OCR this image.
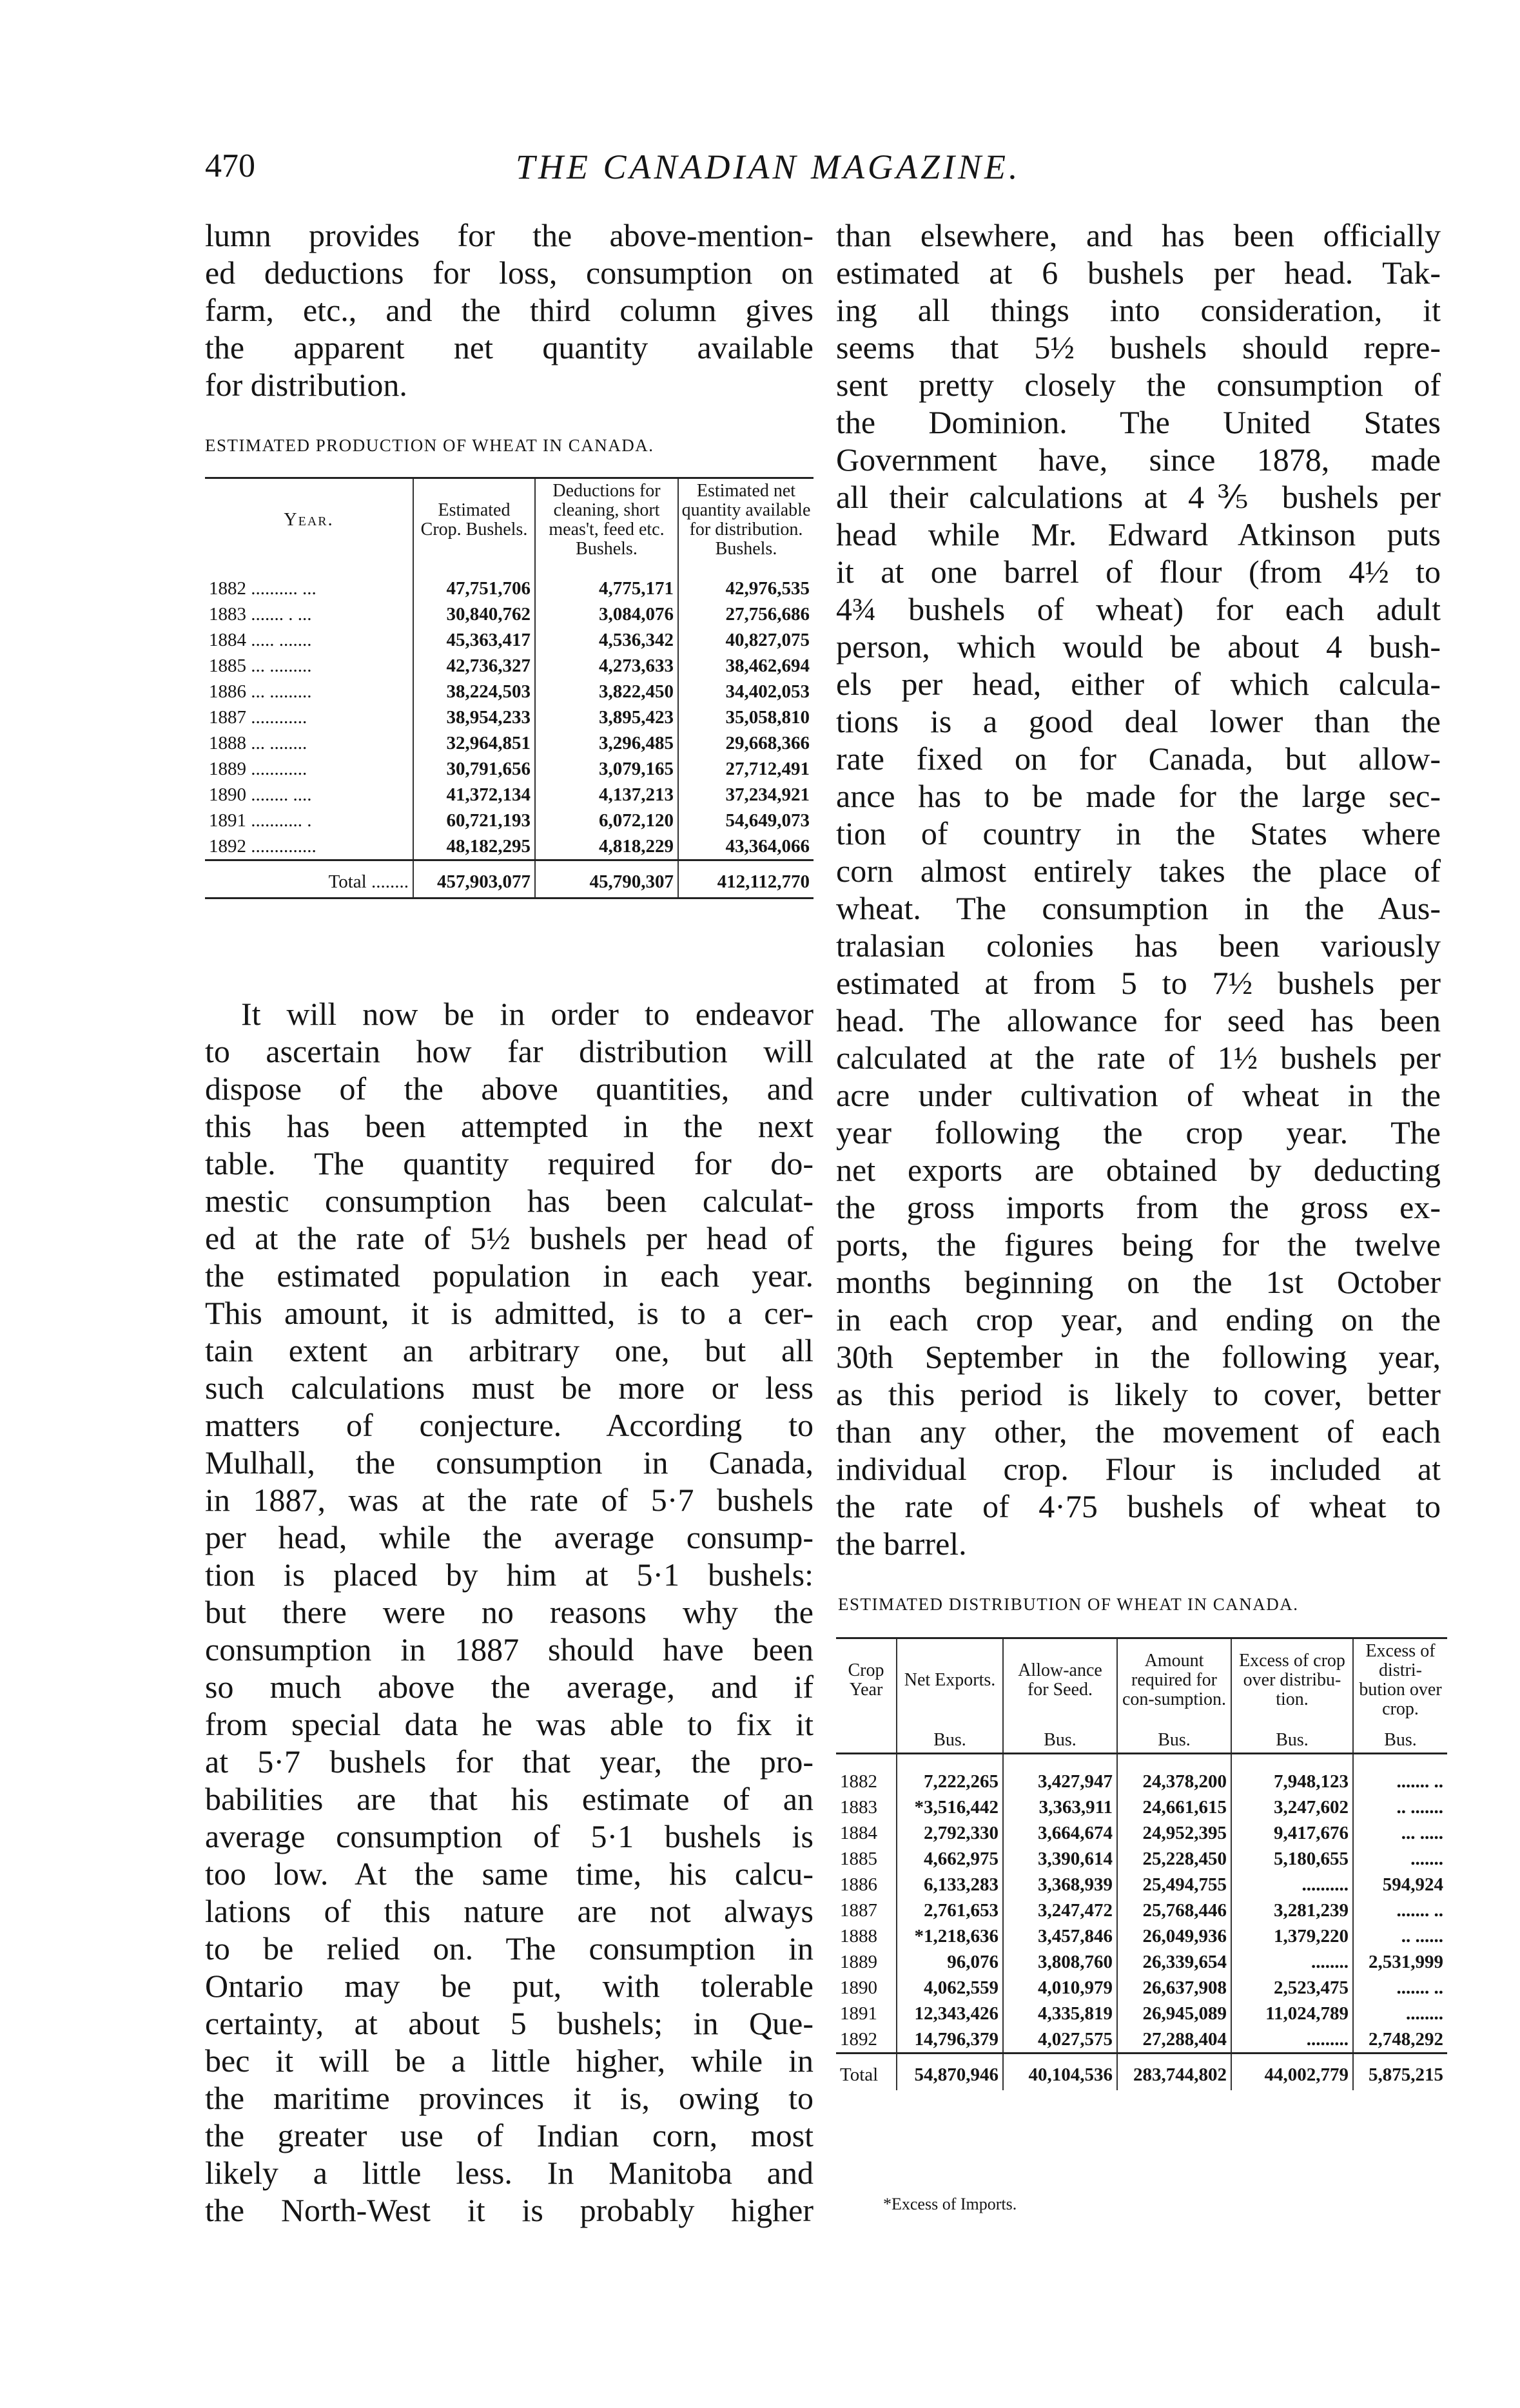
470	THE CANADIAN MAGAZINE.
lumn provides for the above-mention-
ed deductions for loss, consumption on
farm, etc., and the third column gives
the apparent net quantity available
for distribution.
ESTIMATED PRODUCTION OF WHEAT IN CANADA.
Year.	Estimated Crop. Bushels.	Deductions for cleaning, short meas't, feed etc. Bushels.	Estimated net quantity available for distribution. Bushels.
1882 .......... ...	47,751,706	4,775,171	42,976,535
1883 ....... . ...	30,840,762	3,084,076	27,756,686
1884 ..... .......	45,363,417	4,536,342	40,827,075
1885 ... .........	42,736,327	4,273,633	38,462,694
1886 ... .........	38,224,503	3,822,450	34,402,053
1887 ............	38,954,233	3,895,423	35,058,810
1888 ... ........	32,964,851	3,296,485	29,668,366
1889 ............	30,791,656	3,079,165	27,712,491
1890 ........ ....	41,372,134	4,137,213	37,234,921
1891 ........... .	60,721,193	6,072,120	54,649,073
1892 ..............	48,182,295	4,818,229	43,364,066
Total ........	457,903,077	45,790,307	412,112,770
It will now be in order to endeavor
to ascertain how far distribution will
dispose of the above quantities, and
this has been attempted in the next
table. The quantity required for do-
mestic consumption has been calculat-
ed at the rate of 5½ bushels per head of
the estimated population in each year.
This amount, it is admitted, is to a cer-
tain extent an arbitrary one, but all
such calculations must be more or less
matters of conjecture. According to
Mulhall, the consumption in Canada,
in 1887, was at the rate of 5·7 bushels
per head, while the average consump-
tion is placed by him at 5·1 bushels:
but there were no reasons why the
consumption in 1887 should have been
so much above the average, and if
from special data he was able to fix it
at 5·7 bushels for that year, the pro-
babilities are that his estimate of an
average consumption of 5·1 bushels is
too low. At the same time, his calcu-
lations of this nature are not always
to be relied on. The consumption in
Ontario may be put, with tolerable
certainty, at about 5 bushels; in Que-
bec it will be a little higher, while in
the maritime provinces it is, owing to
the greater use of Indian corn, most
likely a little less. In Manitoba and
the North-West it is probably higher
than elsewhere, and has been officially
estimated at 6 bushels per head. Tak-
ing all things into consideration, it
seems that 5½ bushels should repre-
sent pretty closely the consumption of
the Dominion. The United States
Government have, since 1878, made
all their calculations at 4⅗ bushels per
head while Mr. Edward Atkinson puts
it at one barrel of flour (from 4½ to
4¾ bushels of wheat) for each adult
person, which would be about 4 bush-
els per head, either of which calcula-
tions is a good deal lower than the
rate fixed on for Canada, but allow-
ance has to be made for the large sec-
tion of country in the States where
corn almost entirely takes the place of
wheat. The consumption in the Aus-
tralasian colonies has been variously
estimated at from 5 to 7½ bushels per
head. The allowance for seed has been
calculated at the rate of 1½ bushels per
acre under cultivation of wheat in the
year following the crop year. The
net exports are obtained by deducting
the gross imports from the gross ex-
ports, the figures being for the twelve
months beginning on the 1st October
in each crop year, and ending on the
30th September in the following year,
as this period is likely to cover, better
than any other, the movement of each
individual crop. Flour is included at
the rate of 4·75 bushels of wheat to
the barrel.
ESTIMATED DISTRIBUTION OF WHEAT IN CANADA.
Crop Year	Net Exports.	Allow-ance for Seed.	Amount required for con-sumption.	Excess of crop over distribu-tion.	Excess of distri-bution over crop.
	Bus.	Bus.	Bus.	Bus.	Bus.
1882	7,222,265	3,427,947	24,378,200	7,948,123	....... ..
1883	*3,516,442	3,363,911	24,661,615	3,247,602	.. .......
1884	2,792,330	3,664,674	24,952,395	9,417,676	... .....
1885	4,662,975	3,390,614	25,228,450	5,180,655	.......
1886	6,133,283	3,368,939	25,494,755	..........	594,924
1887	2,761,653	3,247,472	25,768,446	3,281,239	....... ..
1888	*1,218,636	3,457,846	26,049,936	1,379,220	.. ......
1889	96,076	3,808,760	26,339,654	........	2,531,999
1890	4,062,559	4,010,979	26,637,908	2,523,475	....... ..
1891	12,343,426	4,335,819	26,945,089	11,024,789	........
1892	14,796,379	4,027,575	27,288,404	.........	2,748,292
Total	54,870,946	40,104,536	283,744,802	44,002,779	5,875,215
*Excess of Imports.
